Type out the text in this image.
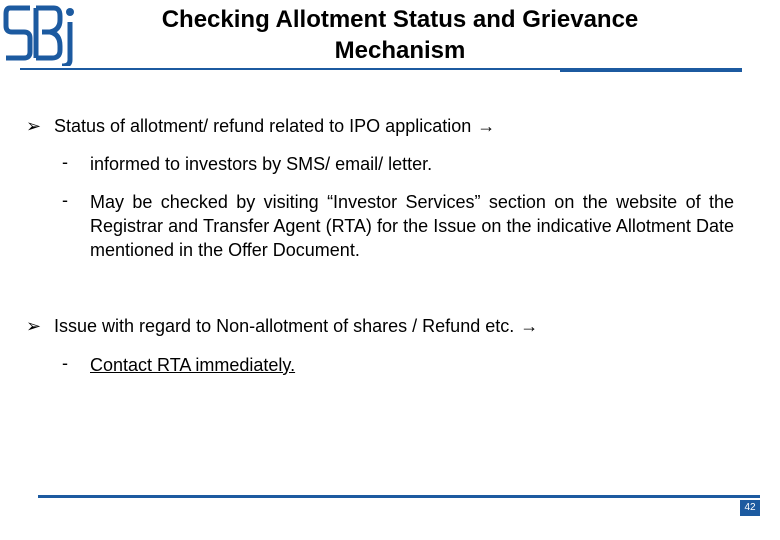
Checking Allotment Status and Grievance
Mechanism
➢ Status of allotment/ refund related to IPO application →
-	informed to investors by SMS/ email/ letter.
-	May be checked by visiting “Investor Services” section on the website of the Registrar and Transfer Agent (RTA) for the Issue on the indicative Allotment Date mentioned in the Offer Document.
➢ Issue with regard to Non-allotment of shares / Refund etc. →
-	Contact RTA immediately.
42
